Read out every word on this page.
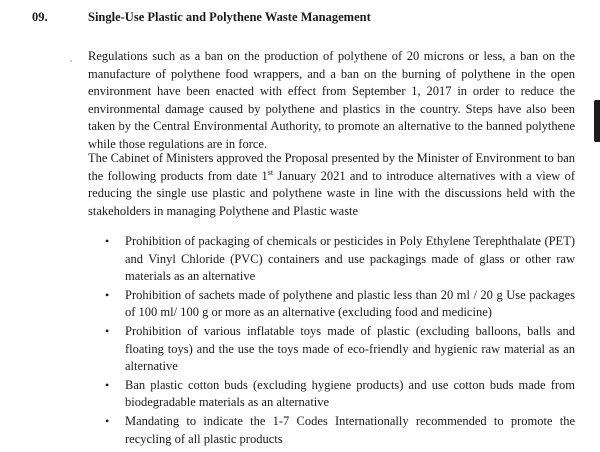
09.	Single-Use Plastic and Polythene Waste Management

Regulations such as a ban on the production of polythene of 20 microns or less, a ban on the manufacture of polythene food wrappers, and a ban on the burning of polythene in the open environment have been enacted with effect from September 1, 2017 in order to reduce the environmental damage caused by polythene and plastics in the country. Steps have also been taken by the Central Environmental Authority, to promote an alternative to the banned polythene while those regulations are in force.

The Cabinet of Ministers approved the Proposal presented by the Minister of Environment to ban the following products from date 1st January 2021 and to introduce alternatives with a view of reducing the single use plastic and polythene waste in line with the discussions held with the stakeholders in managing Polythene and Plastic waste

• Prohibition of packaging of chemicals or pesticides in Poly Ethylene Terephthalate (PET) and Vinyl Chloride (PVC) containers and use packagings made of glass or other raw materials as an alternative
• Prohibition of sachets made of polythene and plastic less than 20 ml / 20 g Use packages of 100 ml/ 100 g or more as an alternative (excluding food and medicine)
• Prohibition of various inflatable toys made of plastic (excluding balloons, balls and floating toys) and the use the toys made of eco-friendly and hygienic raw material as an alternative
• Ban plastic cotton buds (excluding hygiene products) and use cotton buds made from biodegradable materials as an alternative
• Mandating to indicate the 1-7 Codes Internationally recommended to promote the recycling of all plastic products
